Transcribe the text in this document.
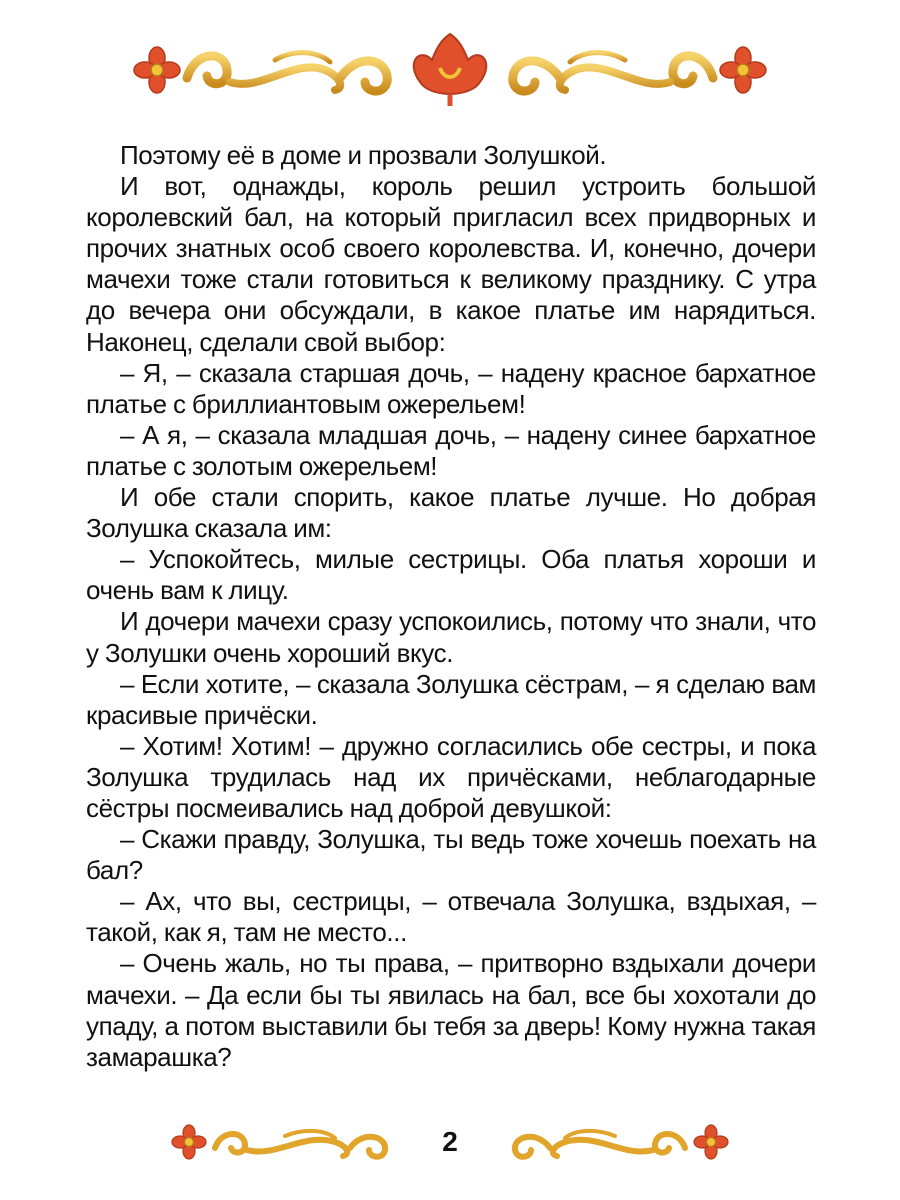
Поэтому её в доме и прозвали Золушкой.

И вот, однажды, король решил устроить большой королевский бал, на который пригласил всех придворных и прочих знатных особ своего королевства. И, конечно, дочери мачехи тоже стали готовиться к великому празднику. С утра до вечера они обсуждали, в какое платье им нарядиться. Наконец, сделали свой выбор:

– Я, – сказала старшая дочь, – надену красное бархатное платье с бриллиантовым ожерельем!

– А я, – сказала младшая дочь, – надену синее бархатное платье с золотым ожерельем!

И обе стали спорить, какое платье лучше. Но добрая Золушка сказала им:

– Успокойтесь, милые сестрицы. Оба платья хороши и очень вам к лицу.

И дочери мачехи сразу успокоились, потому что знали, что у Золушки очень хороший вкус.

– Если хотите, – сказала Золушка сёстрам, – я сделаю вам красивые причёски.

– Хотим! Хотим! – дружно согласились обе сестры, и пока Золушка трудилась над их причёсками, неблагодарные сёстры посмеивались над доброй девушкой:

– Скажи правду, Золушка, ты ведь тоже хочешь поехать на бал?

– Ах, что вы, сестрицы, – отвечала Золушка, вздыхая, – такой, как я, там не место...

– Очень жаль, но ты права, – притворно вздыхали дочери мачехи. – Да если бы ты явилась на бал, все бы хохотали до упаду, а потом выставили бы тебя за дверь! Кому нужна такая замарашка?

2
